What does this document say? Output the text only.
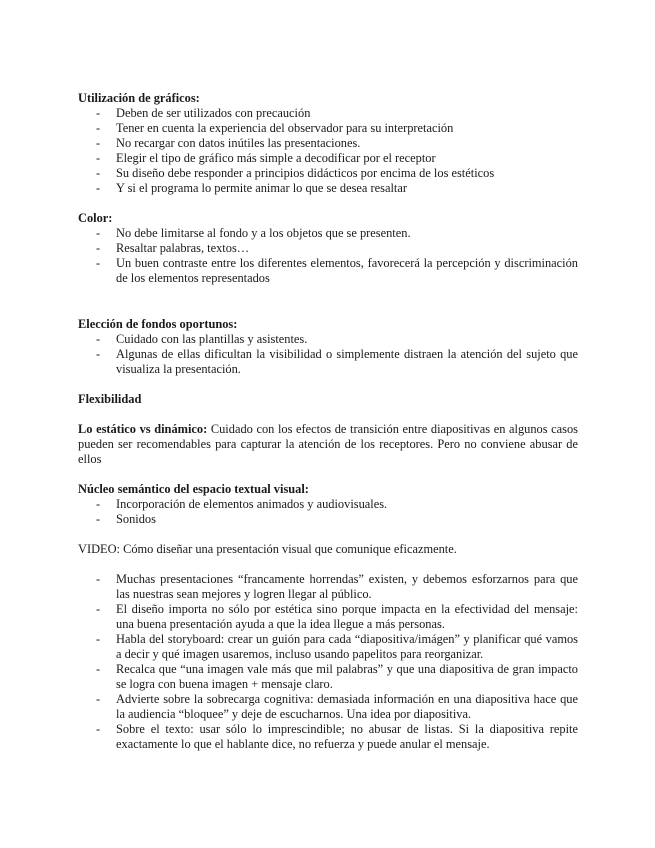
Utilización de gráficos:
- Deben de ser utilizados con precaución
- Tener en cuenta la experiencia del observador para su interpretación
- No recargar con datos inútiles las presentaciones.
- Elegir el tipo de gráfico más simple a decodificar por el receptor
- Su diseño debe responder a principios didácticos por encima de los estéticos
- Y si el programa lo permite animar lo que se desea resaltar
Color:
- No debe limitarse al fondo y a los objetos que se presenten.
- Resaltar palabras, textos…
- Un buen contraste entre los diferentes elementos, favorecerá la percepción y discriminación de los elementos representados
Elección de fondos oportunos:
- Cuidado con las plantillas y asistentes.
- Algunas de ellas dificultan la visibilidad o simplemente distraen la atención del sujeto que visualiza la presentación.
Flexibilidad
Lo estático vs dinámico: Cuidado con los efectos de transición entre diapositivas en algunos casos pueden ser recomendables para capturar la atención de los receptores. Pero no conviene abusar de ellos
Núcleo semántico del espacio textual visual:
- Incorporación de elementos animados y audiovisuales.
- Sonidos
VIDEO: Cómo diseñar una presentación visual que comunique eficazmente.
- Muchas presentaciones “francamente horrendas” existen, y debemos esforzarnos para que las nuestras sean mejores y logren llegar al público.
- El diseño importa no sólo por estética sino porque impacta en la efectividad del mensaje: una buena presentación ayuda a que la idea llegue a más personas.
- Habla del storyboard: crear un guión para cada “diapositiva/imágen” y planificar qué vamos a decir y qué imagen usaremos, incluso usando papelitos para reorganizar.
- Recalca que “una imagen vale más que mil palabras” y que una diapositiva de gran impacto se logra con buena imagen + mensaje claro.
- Advierte sobre la sobrecarga cognitiva: demasiada información en una diapositiva hace que la audiencia “bloquee” y deje de escucharnos. Una idea por diapositiva.
- Sobre el texto: usar sólo lo imprescindible; no abusar de listas. Si la diapositiva repite exactamente lo que el hablante dice, no refuerza y puede anular el mensaje.
